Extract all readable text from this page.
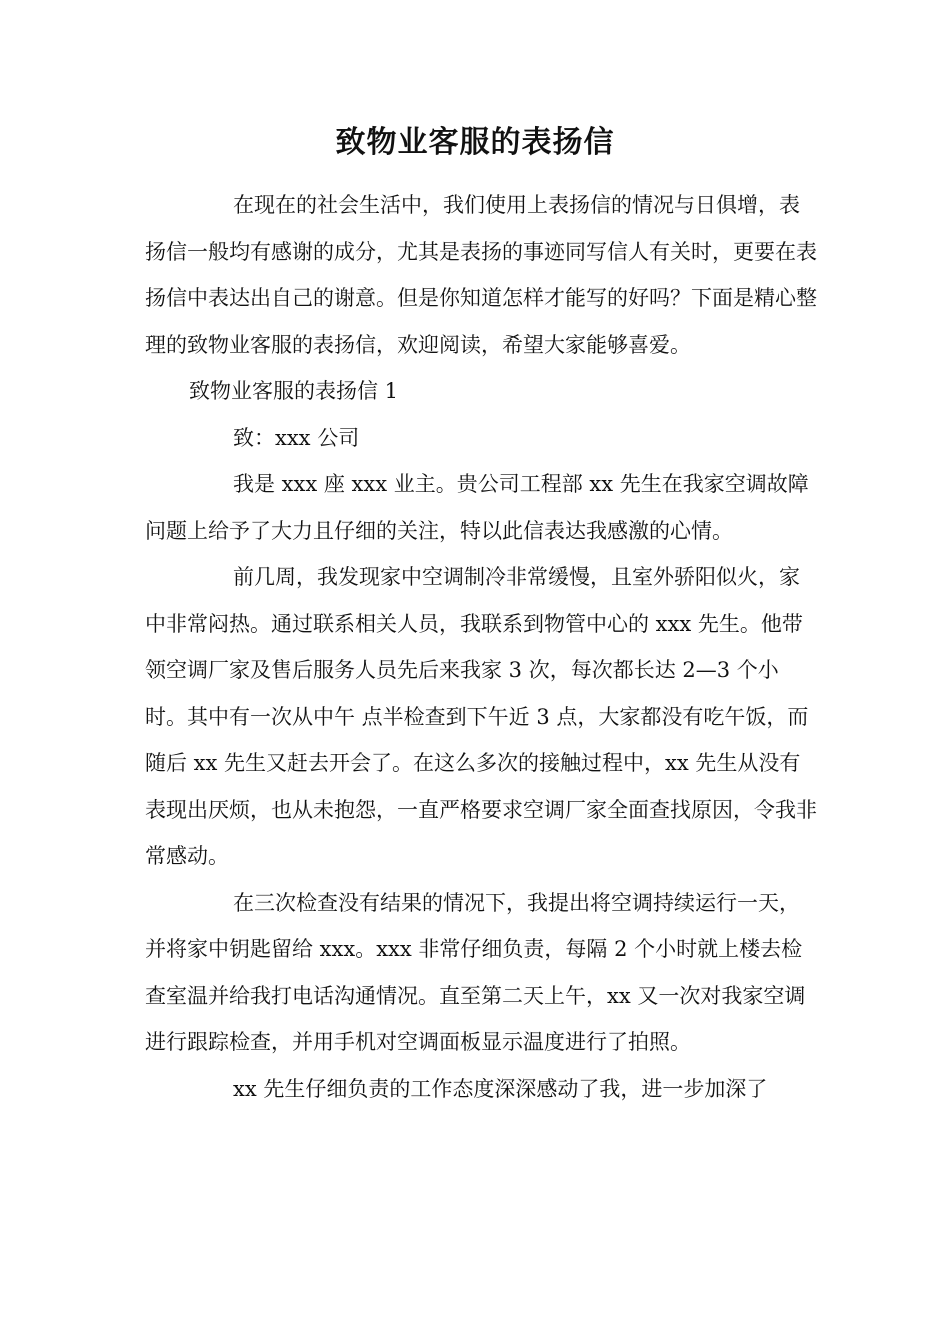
致物业客服的表扬信

在现在的社会生活中，我们使用上表扬信的情况与日俱增，表扬信一般均有感谢的成分，尤其是表扬的事迹同写信人有关时，更要在表扬信中表达出自己的谢意。但是你知道怎样才能写的好吗？下面是精心整理的致物业客服的表扬信，欢迎阅读，希望大家能够喜爱。

致物业客服的表扬信 1

致：xxx 公司

我是 xxx 座 xxx 业主。贵公司工程部 xx 先生在我家空调故障问题上给予了大力且仔细的关注，特以此信表达我感激的心情。

前几周，我发现家中空调制冷非常缓慢，且室外骄阳似火，家中非常闷热。通过联系相关人员，我联系到物管中心的 xxx 先生。他带领空调厂家及售后服务人员先后来我家 3 次，每次都长达 2—3 个小时。其中有一次从中午 点半检查到下午近 3 点，大家都没有吃午饭，而随后 xx 先生又赶去开会了。在这么多次的接触过程中，xx 先生从没有表现出厌烦，也从未抱怨，一直严格要求空调厂家全面查找原因，令我非常感动。

在三次检查没有结果的情况下，我提出将空调持续运行一天，并将家中钥匙留给 xxx。xxx 非常仔细负责，每隔 2 个小时就上楼去检查室温并给我打电话沟通情况。直至第二天上午，xx 又一次对我家空调进行跟踪检查，并用手机对空调面板显示温度进行了拍照。

xx 先生仔细负责的工作态度深深感动了我，进一步加深了
